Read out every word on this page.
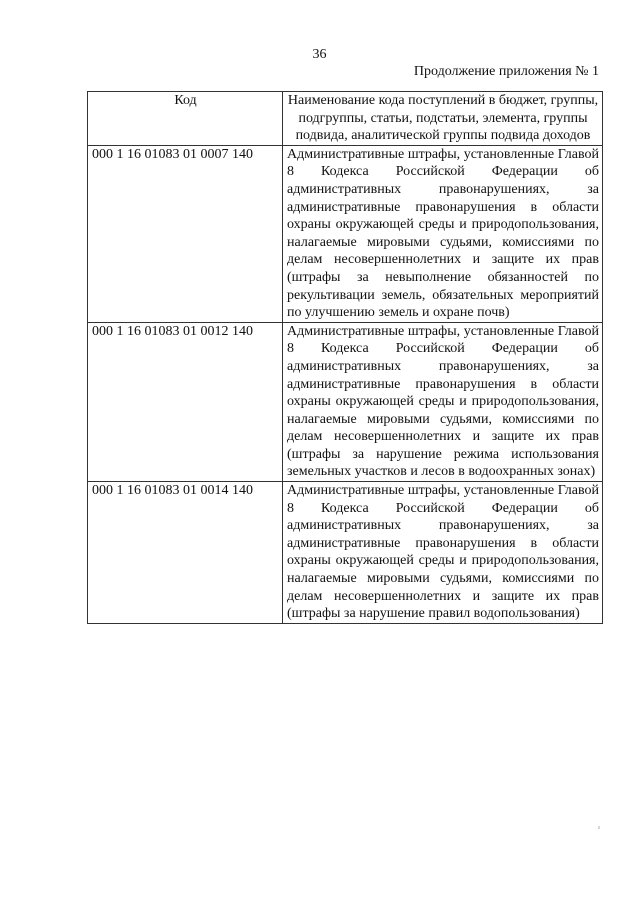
36
Продолжение приложения № 1
Код	Наименование кода поступлений в бюджет, группы, подгруппы, статьи, подстатьи, элемента, группы подвида, аналитической группы подвида доходов
000 1 16 01083 01 0007 140	Административные штрафы, установленные Главой 8 Кодекса Российской Федерации об административных правонарушениях, за административные правонарушения в области охраны окружающей среды и природопользования, налагаемые мировыми судьями, комиссиями по делам несовершеннолетних и защите их прав (штрафы за невыполнение обязанностей по рекультивации земель, обязательных мероприятий по улучшению земель и охране почв)
000 1 16 01083 01 0012 140	Административные штрафы, установленные Главой 8 Кодекса Российской Федерации об административных правонарушениях, за административные правонарушения в области охраны окружающей среды и природопользования, налагаемые мировыми судьями, комиссиями по делам несовершеннолетних и защите их прав (штрафы за нарушение режима использования земельных участков и лесов в водоохранных зонах)
000 1 16 01083 01 0014 140	Административные штрафы, установленные Главой 8 Кодекса Российской Федерации об административных правонарушениях, за административные правонарушения в области охраны окружающей среды и природопользования, налагаемые мировыми судьями, комиссиями по делам несовершеннолетних и защите их прав (штрафы за нарушение правил водопользования)
